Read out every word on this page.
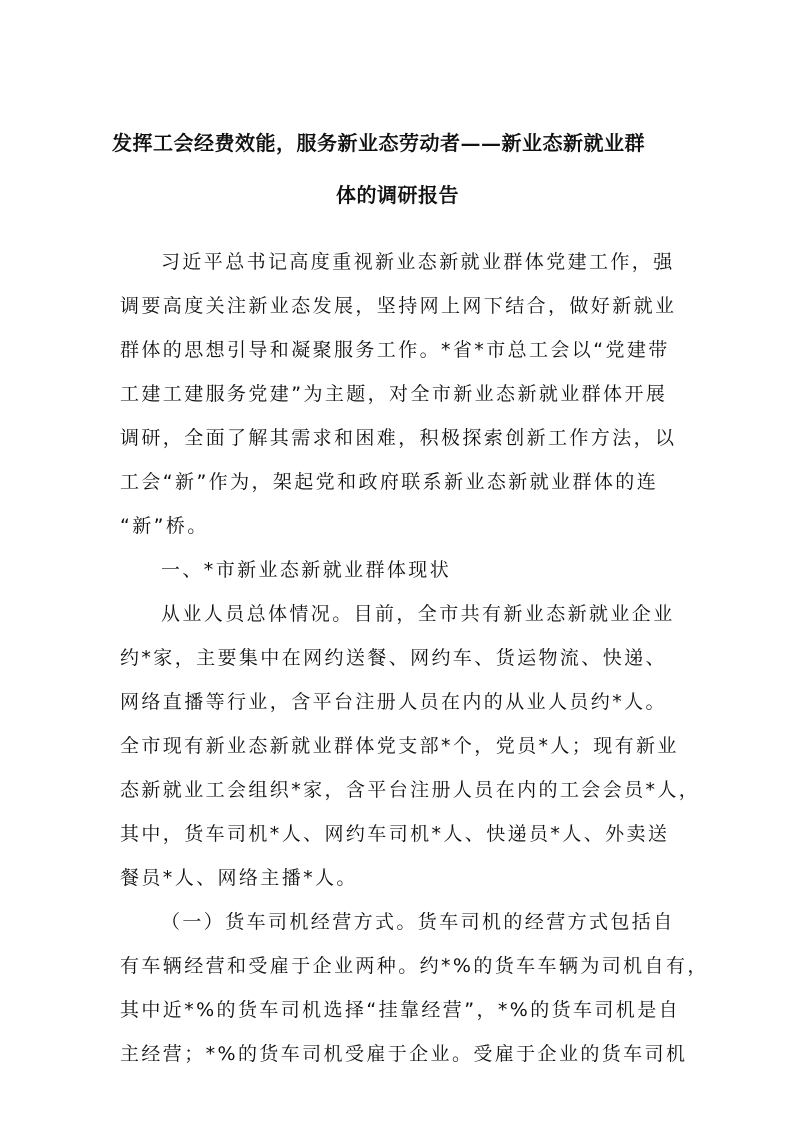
发挥工会经费效能，服务新业态劳动者——新业态新就业群
体的调研报告
习近平总书记高度重视新业态新就业群体党建工作，强
调要高度关注新业态发展，坚持网上网下结合，做好新就业
群体的思想引导和凝聚服务工作。*省*市总工会以“党建带
工建工建服务党建”为主题，对全市新业态新就业群体开展
调研，全面了解其需求和困难，积极探索创新工作方法，以
工会“新”作为，架起党和政府联系新业态新就业群体的连
“新”桥。
一、*市新业态新就业群体现状
从业人员总体情况。目前，全市共有新业态新就业企业
约*家，主要集中在网约送餐、网约车、货运物流、快递、
网络直播等行业，含平台注册人员在内的从业人员约*人。
全市现有新业态新就业群体党支部*个，党员*人；现有新业
态新就业工会组织*家，含平台注册人员在内的工会会员*人，
其中，货车司机*人、网约车司机*人、快递员*人、外卖送
餐员*人、网络主播*人。
（一）货车司机经营方式。货车司机的经营方式包括自
有车辆经营和受雇于企业两种。约*%的货车车辆为司机自有，
其中近*%的货车司机选择“挂靠经营”，*%的货车司机是自
主经营；*%的货车司机受雇于企业。受雇于企业的货车司机
